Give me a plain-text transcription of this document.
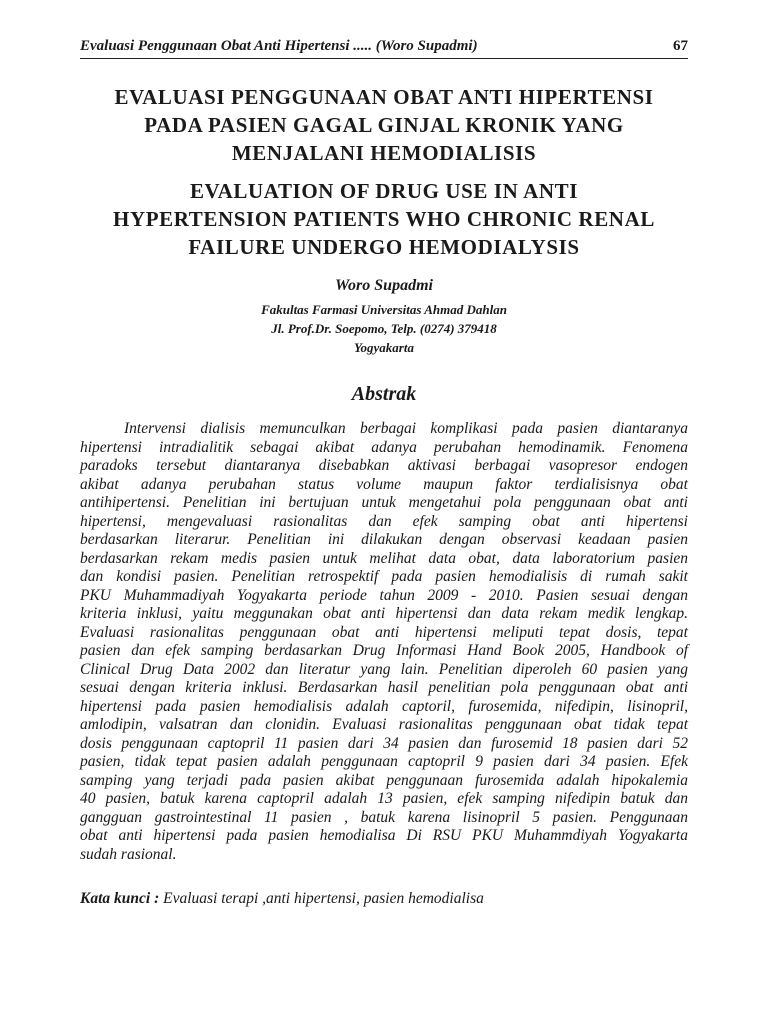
Evaluasi Penggunaan Obat Anti Hipertensi ..... (Woro Supadmi)	67
EVALUASI PENGGUNAAN OBAT ANTI HIPERTENSI
PADA PASIEN GAGAL GINJAL KRONIK YANG
MENJALANI HEMODIALISIS
EVALUATION OF DRUG USE IN ANTI
HYPERTENSION PATIENTS WHO CHRONIC RENAL
FAILURE UNDERGO HEMODIALYSIS
Woro Supadmi
Fakultas Farmasi Universitas Ahmad Dahlan
Jl. Prof.Dr. Soepomo, Telp. (0274) 379418
Yogyakarta
Abstrak
Intervensi dialisis memunculkan berbagai komplikasi pada pasien diantaranya
hipertensi intradialitik sebagai akibat adanya perubahan hemodinamik. Fenomena
paradoks tersebut diantaranya disebabkan aktivasi berbagai vasopresor endogen
akibat adanya perubahan status volume maupun faktor terdialisisnya obat
antihipertensi. Penelitian ini bertujuan untuk mengetahui pola penggunaan obat anti
hipertensi, mengevaluasi rasionalitas dan efek samping obat anti hipertensi
berdasarkan literarur. Penelitian ini dilakukan dengan observasi keadaan pasien
berdasarkan rekam medis pasien untuk melihat data obat, data laboratorium pasien
dan kondisi pasien. Penelitian retrospektif pada pasien hemodialisis di rumah sakit
PKU Muhammadiyah Yogyakarta periode tahun 2009 - 2010. Pasien sesuai dengan
kriteria inklusi, yaitu meggunakan obat anti hipertensi dan data rekam medik lengkap.
Evaluasi rasionalitas penggunaan obat anti hipertensi meliputi tepat dosis, tepat
pasien dan efek samping berdasarkan Drug Informasi Hand Book 2005, Handbook of
Clinical Drug Data 2002 dan literatur yang lain. Penelitian diperoleh 60 pasien yang
sesuai dengan kriteria inklusi. Berdasarkan hasil penelitian pola penggunaan obat anti
hipertensi pada pasien hemodialisis adalah captoril, furosemida, nifedipin, lisinopril,
amlodipin, valsatran dan clonidin. Evaluasi rasionalitas penggunaan obat tidak tepat
dosis penggunaan captopril 11 pasien dari 34 pasien dan furosemid 18 pasien dari 52
pasien, tidak tepat pasien adalah penggunaan captopril 9 pasien dari 34 pasien. Efek
samping yang terjadi pada pasien akibat penggunaan furosemida adalah hipokalemia
40 pasien, batuk karena captopril adalah 13 pasien, efek samping nifedipin batuk dan
gangguan gastrointestinal 11 pasien , batuk karena lisinopril 5 pasien. Penggunaan
obat anti hipertensi pada pasien hemodialisa Di RSU PKU Muhammdiyah Yogyakarta
sudah rasional.
Kata kunci : Evaluasi terapi ,anti hipertensi, pasien hemodialisa
